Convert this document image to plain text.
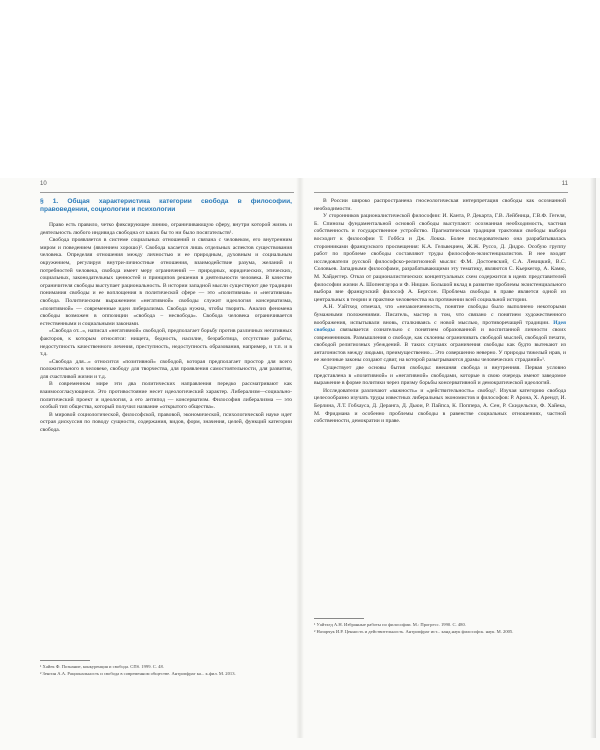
10
§ 1. Общая характеристика категории свобода в философии, правоведении, социологии и психологии

Право есть правило, четко фиксирующее линию, ограничивающую сферу, внутри которой жизнь и деятельность любого индивида свободна от каких бы то ни было посягательств¹.

Свобода проявляется в системе социальных отношений и связана с человеком, его внутренним миром и поведением (явлением хорошо)². Свобода касается лишь отдельных аспектов существования человека. Определяя отношения между личностью и ее природным, духовным и социальным окружением, регулируя внутри-личностные отношения, взаимодействие разума, желаний и потребностей человека, свобода имеет меру ограничений — природных, юридических, этических, социальных, законодательных ценностей и принципов решения в деятельности человека. В качестве ограничителя свободы выступает рациональность. В истории западной мысли существуют две традиции понимания свободы и ее воплощения в политической сфере — это «позитивная» и «негативная» свобода. Политическим выражением «негативной» свободы служит идеология консерватизма, «позитивной» — современные идеи либерализма. Свобода нужна, чтобы творить. Анализ феномена свободы возможен в оппозиции «свобода – несвобода». Свобода человека ограничивается естественными и социальными законами.

«Свобода от...», написал «негативной» свободой, предполагает борьбу против различных негативных факторов, к которым относятся: нищета, бедность, насилие, безработица, отсутствие работы, недоступность качественного лечения, преступность, недоступность образования, например, и т.п. и в т.д.

«Свобода для...» относится «позитивной» свободой, которая предполагает простор для всего положительного в человеке, свободу для творчества, для проявления самостоятельности, для развития, для счастливой жизни и т.д.

В современном мире эти два политических направления передко рассматривают как взаимосогласующиеся. Это противостояние несет идеологический характер. Либерализм—социально-политический проект и идеология, а его антипод — консерватизм. Философия либерализма — это особый тип общества, который получил название «открытого общества».

В мировой социологической, философской, правовой, экономической, психологической науке идет острая дискуссия по поводу сущности, содержания, видов, форм, значения, целей, функций категории свобода.

¹ Хайек Ф. Познание, конкуренция и свобода. СПб. 1999. С. 48.
² Зенгин А.А. Рациональность и свобода в современном обществе. Антропфраг ка... к.фил. М. 2013.
11

В России широко распространена гносеологическая интерпретация свободы как осознанной необходимости.

У сторонников рационалистической философии: И. Канта, Р. Декарта, Г.В. Лейбница, Г.В.Ф. Гегеля, Б. Спинозы фундаментальной основой свободы выступают: осознанная необходимость, частная собственность и государственное устройство. Прагматическая традиция трактовки свободы выбора восходит к философии Т. Гоббса и Дж. Локка. Более последовательно она разрабатывалась сторонниками французского просвещения: К.А. Гельвецием, Ж.Ж. Руссо, Д. Дидро. Особую группу работ по проблеме свободы составляют труды философов-экзистенциалистов. В нее входят исследователи русской философско-религиозной мысли: Ф.М. Достоевский, С.А. Левицкий, В.С. Соловьев. Западными философами, разрабатывающими эту тематику, являются С. Кьеркегор, А. Камю, М. Хайдеггер. Отказ от рационалистических концептуальных схем содержится в идеях представителей философии жизни А. Шопенгауэра и Ф. Ницше. Большой вклад в развитие проблемы экзистенциального выбора вне французский философ А. Бергсон. Проблема свободы в праве является одной из центральных в теории и практике человечества на протяжении всей социальной истории.

А.Н. Уайтхед отмечал, что «незаконченность, понятие свободы было выполнено некоторыми бумажными положениями. Писатель, мастер в том, что связано с понятием художественного воображения, испытывали вновь, сталкиваясь с новой мыслью, противоречащей традиции. Идея свободы связывается сознательно с понятием образованной и воспитанной личности своих современников. Размышления о свободе, как склонны ограничивать свободой мыслей, свободой печати, свободой религиозных убеждений. В таких случаях ограничения свободы как будто вытекают из антагонистов между людьми, преимущественно... Это совершенно неверно. У природы тяжелый нрав, и ее железные законы создают сдвиг, на которой разыгрываются драмы человеческих страданий»¹.

Существует две основы бытия свободы: внешняя свобода и внутренняя. Первая условно представлена в «позитивной» и «негативной» свободами, которые в свою очередь имеют заведомое выражение в форме политики через призму борьбы консервативной и демократической идеологий.

Исследователи различают «важность» и «действительность» свобод². Изучая категорию свобода целесообразно изучать труды известных либеральных экономистов и философов: Р. Арона, Х. Арендт, И. Берлина, Л.Т. Гобхауса, Д. Деранга, Д. Дьюи, Р. Пайпса, К. Поппера, А. Сен, Р. Скидельски, Ф. Хайека, М. Фридмана и особенно проблемы свободы в равенстве социальных отношениях, частной собственности, демократии и праве.

¹ Уайтхед А.Н. Избранные работы по философии. М.: Прогресс. 1990. С. 480.
² Назарчук И.Р. Ценность и действительность. Антропфраг ист... канд.наук философск. наук. М. 2005.
